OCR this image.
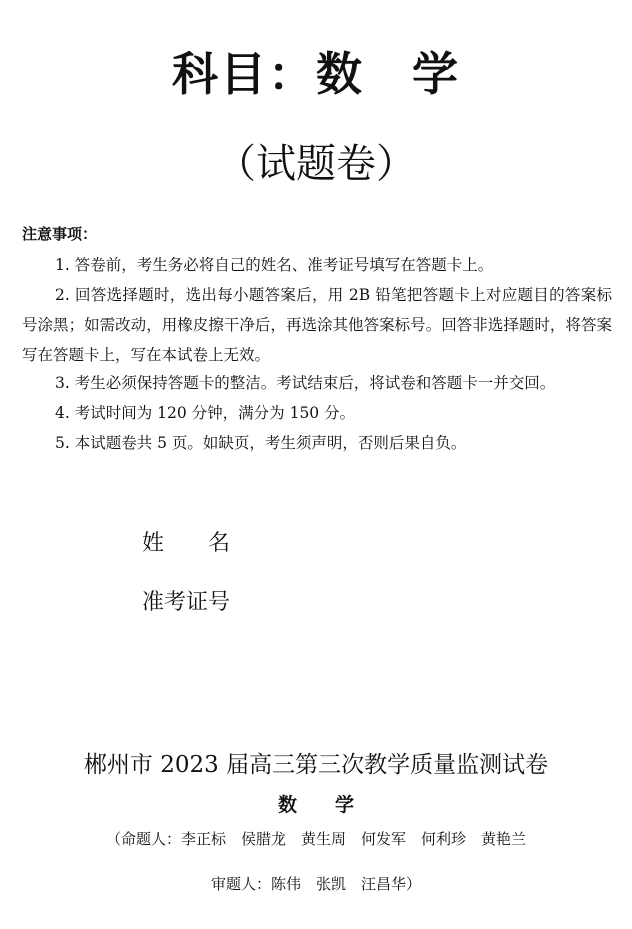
科目：数　学
（试题卷）
注意事项：
1. 答卷前，考生务必将自己的姓名、准考证号填写在答题卡上。
2. 回答选择题时，选出每小题答案后，用 2B 铅笔把答题卡上对应题目的答案标号涂黑；如需改动，用橡皮擦干净后，再选涂其他答案标号。回答非选择题时，将答案写在答题卡上，写在本试卷上无效。
3. 考生必须保持答题卡的整洁。考试结束后，将试卷和答题卡一并交回。
4. 考试时间为 120 分钟，满分为 150 分。
5. 本试题卷共 5 页。如缺页，考生须声明，否则后果自负。
姓　　名
准考证号
郴州市 2023 届高三第三次教学质量监测试卷
数　　学
（命题人：李正标　侯腊龙　黄生周　何发军　何利珍　黄艳兰
审题人：陈伟　张凯　汪昌华）
